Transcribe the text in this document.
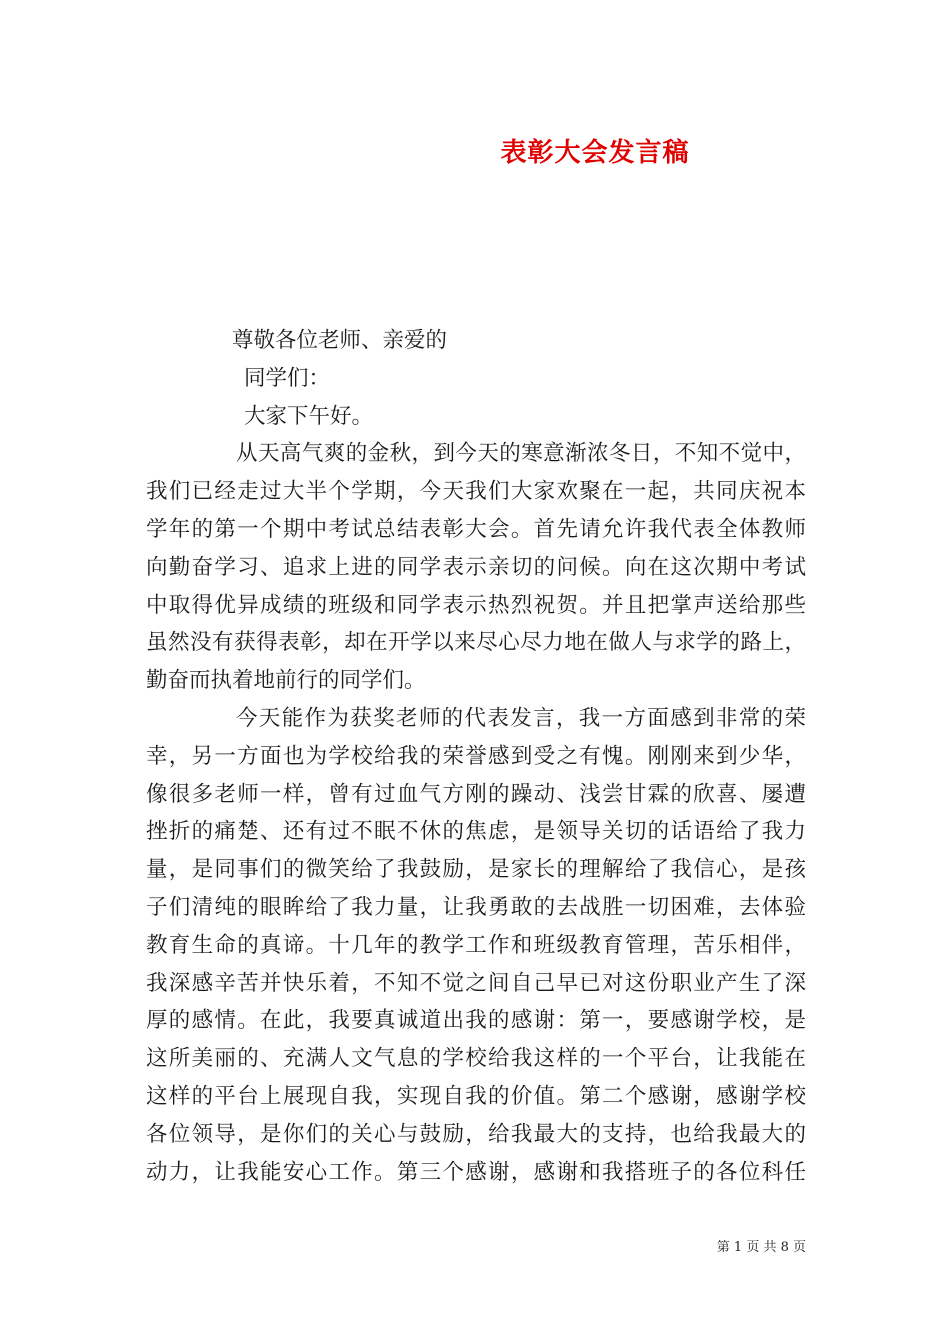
表彰大会发言稿
尊敬各位老师、亲爱的
同学们：
大家下午好。
从天高气爽的金秋，到今天的寒意渐浓冬日，不知不觉中，
我们已经走过大半个学期，今天我们大家欢聚在一起，共同庆祝本
学年的第一个期中考试总结表彰大会。首先请允许我代表全体教师
向勤奋学习、追求上进的同学表示亲切的问候。向在这次期中考试
中取得优异成绩的班级和同学表示热烈祝贺。并且把掌声送给那些
虽然没有获得表彰，却在开学以来尽心尽力地在做人与求学的路上，
勤奋而执着地前行的同学们。
今天能作为获奖老师的代表发言，我一方面感到非常的荣
幸，另一方面也为学校给我的荣誉感到受之有愧。刚刚来到少华，
像很多老师一样，曾有过血气方刚的躁动、浅尝甘霖的欣喜、屡遭
挫折的痛楚、还有过不眠不休的焦虑，是领导关切的话语给了我力
量，是同事们的微笑给了我鼓励，是家长的理解给了我信心，是孩
子们清纯的眼眸给了我力量，让我勇敢的去战胜一切困难，去体验
教育生命的真谛。十几年的教学工作和班级教育管理，苦乐相伴，
我深感辛苦并快乐着，不知不觉之间自己早已对这份职业产生了深
厚的感情。在此，我要真诚道出我的感谢：第一，要感谢学校，是
这所美丽的、充满人文气息的学校给我这样的一个平台，让我能在
这样的平台上展现自我，实现自我的价值。第二个感谢，感谢学校
各位领导，是你们的关心与鼓励，给我最大的支持，也给我最大的
动力，让我能安心工作。第三个感谢，感谢和我搭班子的各位科任
第 1 页 共 8 页
